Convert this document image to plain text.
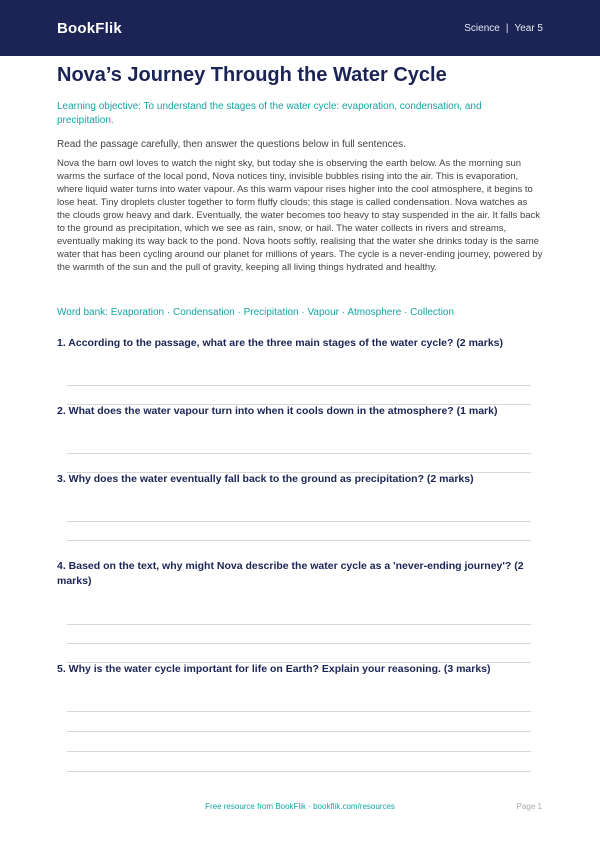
BookFlik	Science | Year 5
Nova’s Journey Through the Water Cycle
Learning objective: To understand the stages of the water cycle: evaporation, condensation, and precipitation.
Read the passage carefully, then answer the questions below in full sentences.
Nova the barn owl loves to watch the night sky, but today she is observing the earth below. As the morning sun warms the surface of the local pond, Nova notices tiny, invisible bubbles rising into the air. This is evaporation, where liquid water turns into water vapour. As this warm vapour rises higher into the cool atmosphere, it begins to lose heat. Tiny droplets cluster together to form fluffy clouds; this stage is called condensation. Nova watches as the clouds grow heavy and dark. Eventually, the water becomes too heavy to stay suspended in the air. It falls back to the ground as precipitation, which we see as rain, snow, or hail. The water collects in rivers and streams, eventually making its way back to the pond. Nova hoots softly, realising that the water she drinks today is the same water that has been cycling around our planet for millions of years. The cycle is a never-ending journey, powered by the warmth of the sun and the pull of gravity, keeping all living things hydrated and healthy.
Word bank: Evaporation · Condensation · Precipitation · Vapour · Atmosphere · Collection

1. According to the passage, what are the three main stages of the water cycle? (2 marks)

2. What does the water vapour turn into when it cools down in the atmosphere? (1 mark)

3. Why does the water eventually fall back to the ground as precipitation? (2 marks)

4. Based on the text, why might Nova describe the water cycle as a 'never-ending journey'? (2 marks)

5. Why is the water cycle important for life on Earth? Explain your reasoning. (3 marks)

Free resource from BookFlik · bookflik.com/resources	Page 1
